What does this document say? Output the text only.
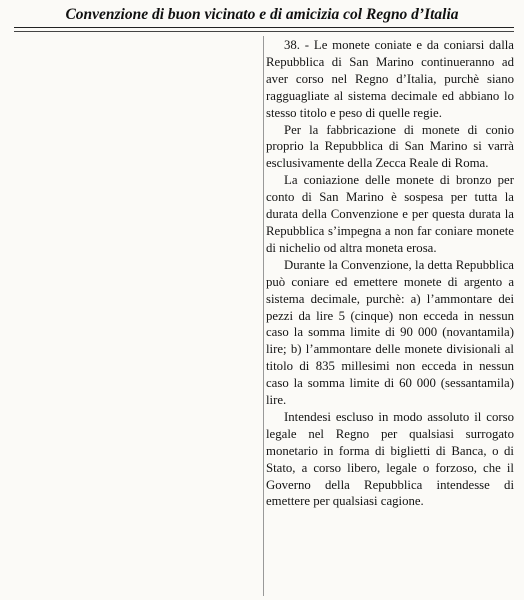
Convenzione di buon vicinato e di amicizia col Regno d’Italia

38. - Le monete coniate e da coniarsi dalla Repubblica di San Marino continueranno ad aver corso nel Regno d’Italia, purchè siano ragguagliate al sistema decimale ed abbiano lo stesso titolo e peso di quelle regie.

Per la fabbricazione di monete di conio proprio la Repubblica di San Marino si varrà esclusivamente della Zecca Reale di Roma.

La coniazione delle monete di bronzo per conto di San Marino è sospesa per tutta la durata della Convenzione e per questa durata la Repubblica s’impegna a non far coniare monete di nichelio od altra moneta erosa.

Durante la Convenzione, la detta Repubblica può coniare ed emettere monete di argento a sistema decimale, purchè: a) l’ammontare dei pezzi da lire 5 (cinque) non ecceda in nessun caso la somma limite di 90 000 (novantamila) lire; b) l’ammontare delle monete divisionali al titolo di 835 millesimi non ecceda in nessun caso la somma limite di 60 000 (sessantamila) lire.

Intendesi escluso in modo assoluto il corso legale nel Regno per qualsiasi surrogato monetario in forma di biglietti di Banca, o di Stato, a corso libero, legale o forzoso, che il Governo della Repubblica intendesse di emettere per qualsiasi cagione.
